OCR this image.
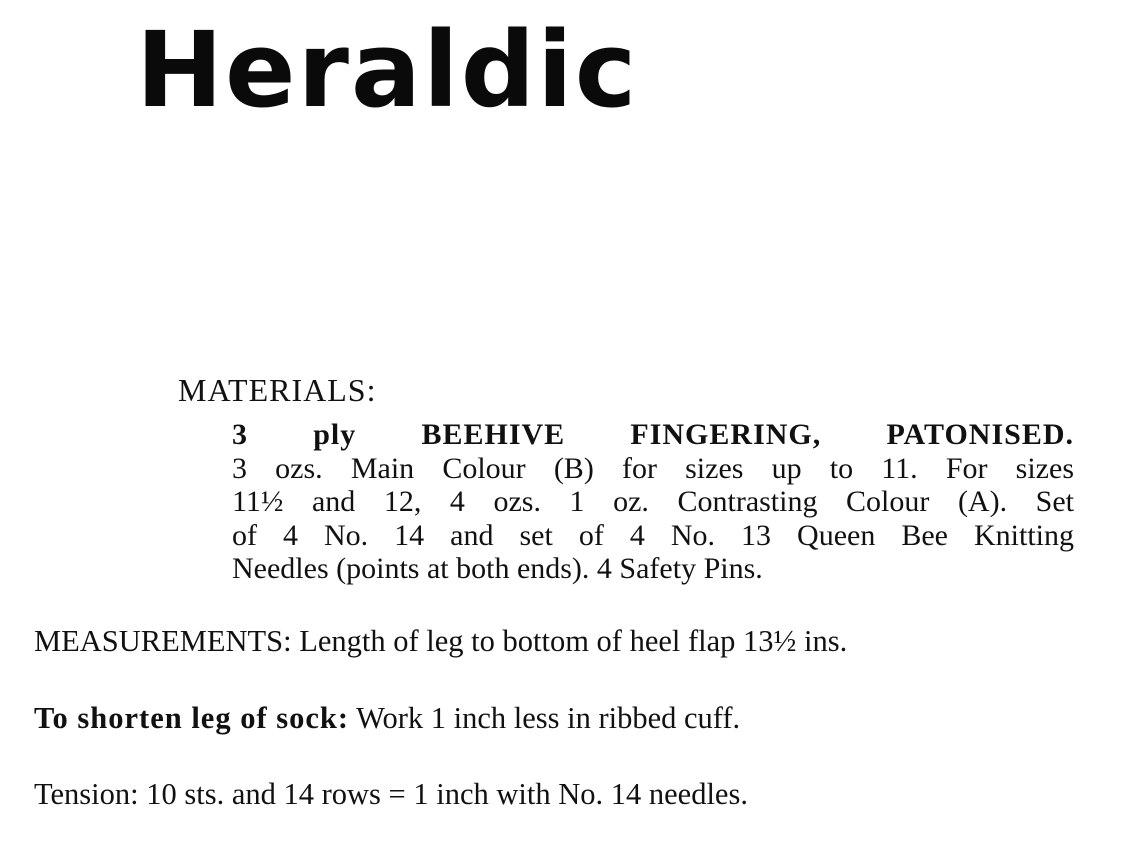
Heraldic
MATERIALS:
3 ply BEEHIVE FINGERING, PATONISED.
3 ozs. Main Colour (B) for sizes up to 11. For sizes
11½ and 12, 4 ozs. 1 oz. Contrasting Colour (A). Set
of 4 No. 14 and set of 4 No. 13 Queen Bee Knitting
Needles (points at both ends). 4 Safety Pins.
MEASUREMENTS: Length of leg to bottom of heel flap 13½ ins.
To shorten leg of sock: Work 1 inch less in ribbed cuff.
Tension: 10 sts. and 14 rows = 1 inch with No. 14 needles.
